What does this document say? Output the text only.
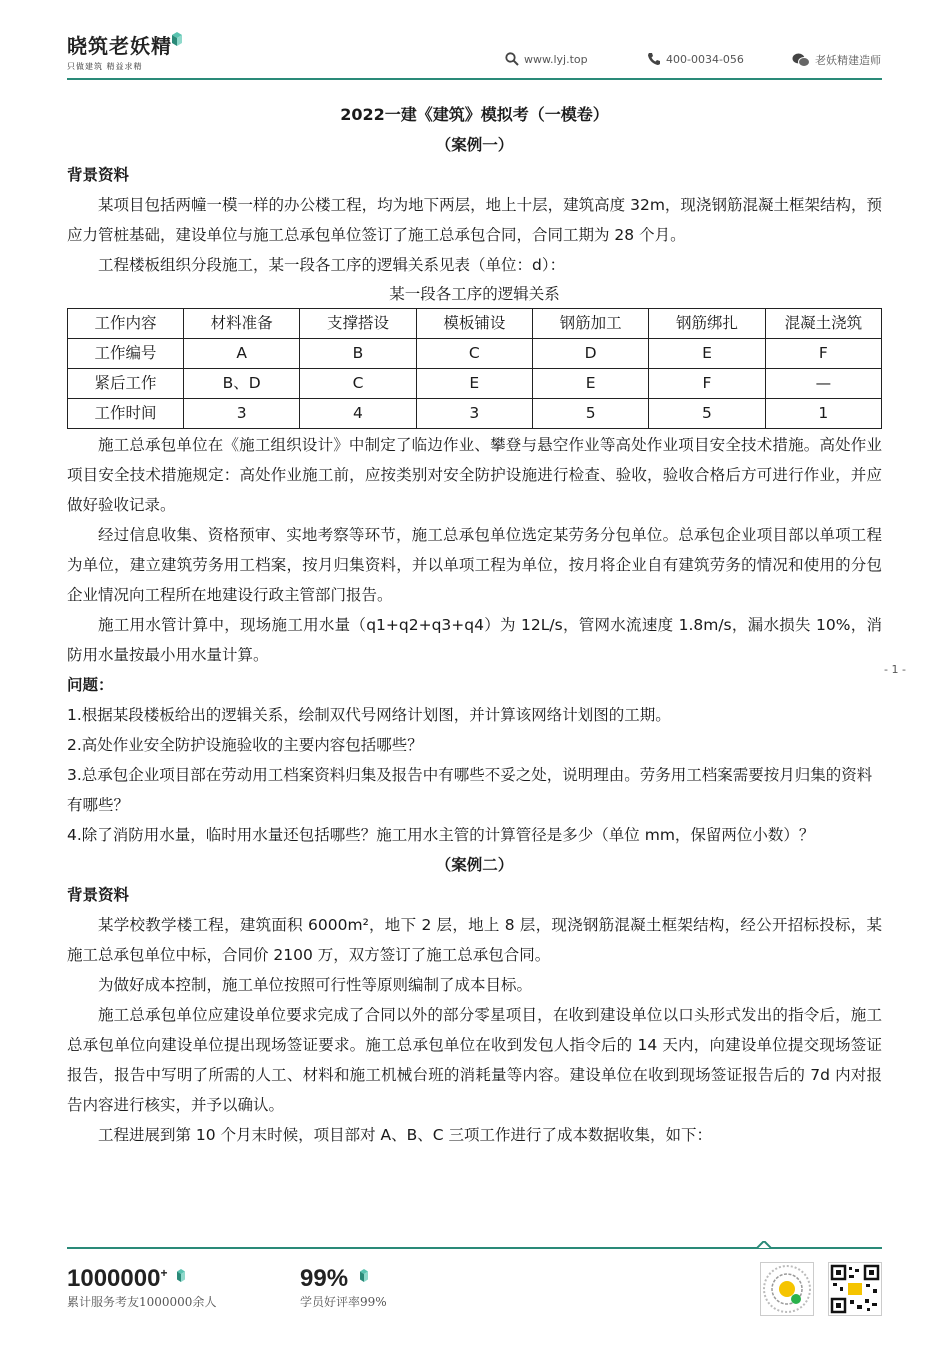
晓筑老妖精
只做建筑 精益求精
www.lyj.top	400-0034-056	老妖精建造师
2022一建《建筑》模拟考（一模卷）
（案例一）

背景资料

某项目包括两幢一模一样的办公楼工程，均为地下两层，地上十层，建筑高度 32m，现浇钢筋混凝土框架结构，预应力管桩基础，建设单位与施工总承包单位签订了施工总承包合同，合同工期为 28 个月。

工程楼板组织分段施工，某一段各工序的逻辑关系见表（单位：d）：

某一段各工序的逻辑关系
工作内容	材料准备	支撑搭设	模板铺设	钢筋加工	钢筋绑扎	混凝土浇筑
工作编号	A	B	C	D	E	F
紧后工作	B、D	C	E	E	F	—
工作时间	3	4	3	5	5	1

施工总承包单位在《施工组织设计》中制定了临边作业、攀登与悬空作业等高处作业项目安全技术措施。高处作业项目安全技术措施规定：高处作业施工前，应按类别对安全防护设施进行检查、验收，验收合格后方可进行作业，并应做好验收记录。

经过信息收集、资格预审、实地考察等环节，施工总承包单位选定某劳务分包单位。总承包企业项目部以单项工程为单位，建立建筑劳务用工档案，按月归集资料，并以单项工程为单位，按月将企业自有建筑劳务的情况和使用的分包企业情况向工程所在地建设行政主管部门报告。

施工用水管计算中，现场施工用水量（q1+q2+q3+q4）为 12L/s，管网水流速度 1.8m/s，漏水损失 10%，消防用水量按最小用水量计算。

问题：

1.根据某段楼板给出的逻辑关系，绘制双代号网络计划图，并计算该网络计划图的工期。

2.高处作业安全防护设施验收的主要内容包括哪些？

3.总承包企业项目部在劳动用工档案资料归集及报告中有哪些不妥之处，说明理由。劳务用工档案需要按月归集的资料有哪些？

4.除了消防用水量，临时用水量还包括哪些？施工用水主管的计算管径是多少（单位 mm，保留两位小数）？

（案例二）

背景资料

某学校教学楼工程，建筑面积 6000m²，地下 2 层，地上 8 层，现浇钢筋混凝土框架结构，经公开招标投标，某施工总承包单位中标，合同价 2100 万，双方签订了施工总承包合同。

为做好成本控制，施工单位按照可行性等原则编制了成本目标。

施工总承包单位应建设单位要求完成了合同以外的部分零星项目，在收到建设单位以口头形式发出的指令后，施工总承包单位向建设单位提出现场签证要求。施工总承包单位在收到发包人指令后的 14 天内，向建设单位提交现场签证报告，报告中写明了所需的人工、材料和施工机械台班的消耗量等内容。建设单位在收到现场签证报告后的 7d 内对报告内容进行核实，并予以确认。

工程进展到第 10 个月末时候，项目部对 A、B、C 三项工作进行了成本数据收集，如下：

- 1 -
1000000+
累计服务考友1000000余人
99%
学员好评率99%
